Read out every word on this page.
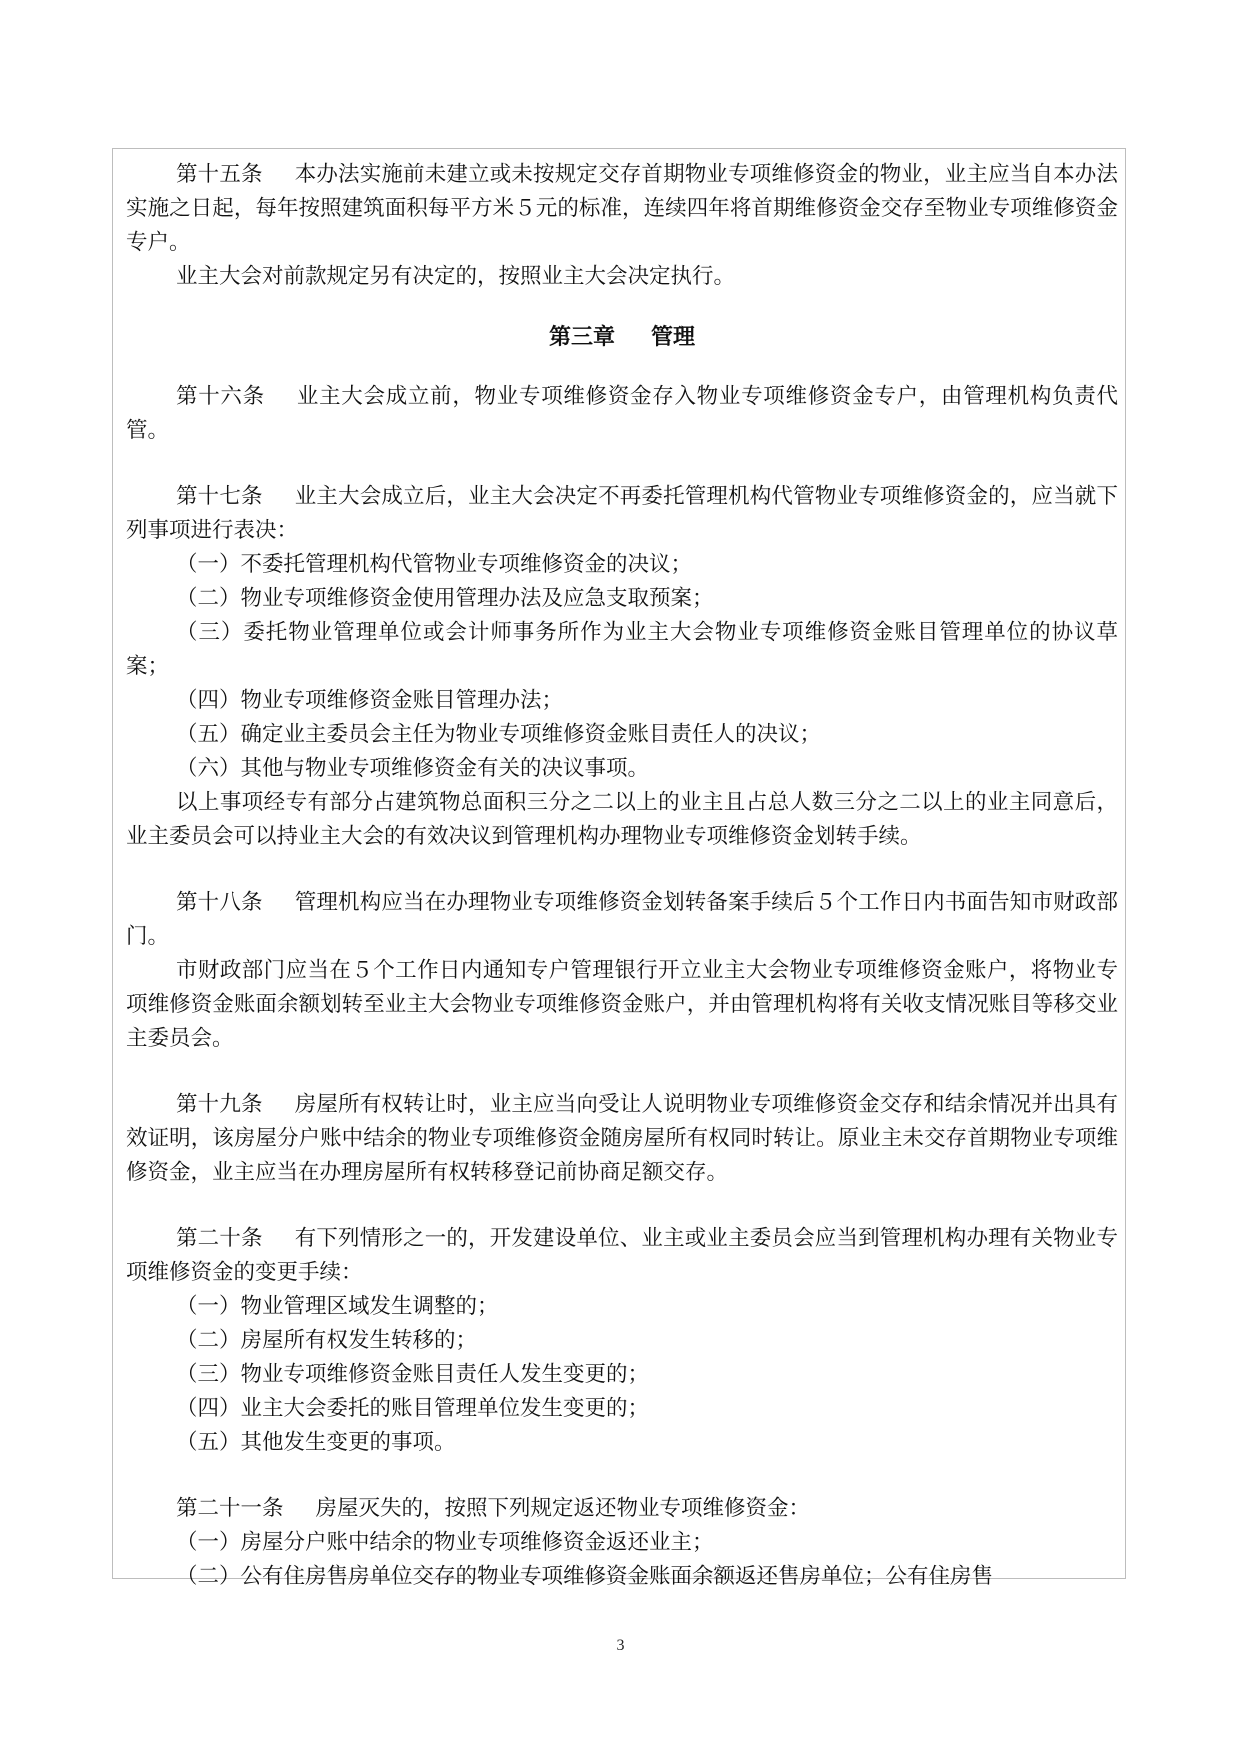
第十五条 本办法实施前未建立或未按规定交存首期物业专项维修资金的物业，业主应当自本办法实施之日起，每年按照建筑面积每平方米５元的标准，连续四年将首期维修资金交存至物业专项维修资金专户。

业主大会对前款规定另有决定的，按照业主大会决定执行。

第三章 管理

第十六条 业主大会成立前，物业专项维修资金存入物业专项维修资金专户，由管理机构负责代管。

第十七条 业主大会成立后，业主大会决定不再委托管理机构代管物业专项维修资金的，应当就下列事项进行表决：

（一）不委托管理机构代管物业专项维修资金的决议；

（二）物业专项维修资金使用管理办法及应急支取预案；

（三）委托物业管理单位或会计师事务所作为业主大会物业专项维修资金账目管理单位的协议草案；

（四）物业专项维修资金账目管理办法；

（五）确定业主委员会主任为物业专项维修资金账目责任人的决议；

（六）其他与物业专项维修资金有关的决议事项。

以上事项经专有部分占建筑物总面积三分之二以上的业主且占总人数三分之二以上的业主同意后，业主委员会可以持业主大会的有效决议到管理机构办理物业专项维修资金划转手续。

第十八条 管理机构应当在办理物业专项维修资金划转备案手续后５个工作日内书面告知市财政部门。

市财政部门应当在５个工作日内通知专户管理银行开立业主大会物业专项维修资金账户，将物业专项维修资金账面余额划转至业主大会物业专项维修资金账户，并由管理机构将有关收支情况账目等移交业主委员会。

第十九条 房屋所有权转让时，业主应当向受让人说明物业专项维修资金交存和结余情况并出具有效证明，该房屋分户账中结余的物业专项维修资金随房屋所有权同时转让。原业主未交存首期物业专项维修资金，业主应当在办理房屋所有权转移登记前协商足额交存。

第二十条 有下列情形之一的，开发建设单位、业主或业主委员会应当到管理机构办理有关物业专项维修资金的变更手续：

（一）物业管理区域发生调整的；

（二）房屋所有权发生转移的；

（三）物业专项维修资金账目责任人发生变更的；

（四）业主大会委托的账目管理单位发生变更的；

（五）其他发生变更的事项。

第二十一条 房屋灭失的，按照下列规定返还物业专项维修资金：

（一）房屋分户账中结余的物业专项维修资金返还业主；

（二）公有住房售房单位交存的物业专项维修资金账面余额返还售房单位；公有住房售

3
